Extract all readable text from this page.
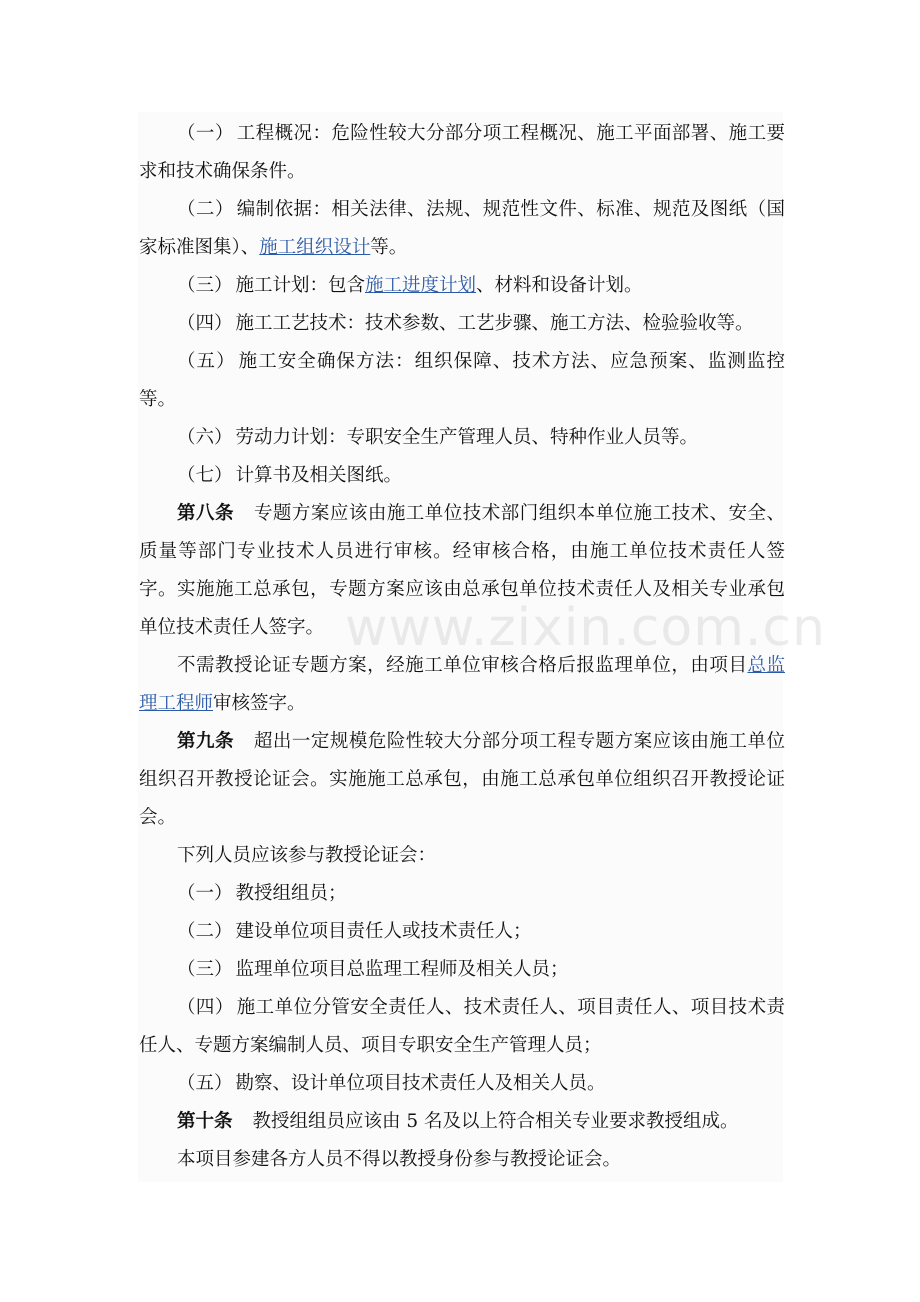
（一） 工程概况：危险性较大分部分项工程概况、施工平面部署、施工要求和技术确保条件。

（二） 编制依据：相关法律、法规、规范性文件、标准、规范及图纸（国家标准图集）、施工组织设计等。

（三） 施工计划：包含施工进度计划、材料和设备计划。

（四） 施工工艺技术：技术参数、工艺步骤、施工方法、检验验收等。

（五） 施工安全确保方法：组织保障、技术方法、应急预案、监测监控等。

（六） 劳动力计划：专职安全生产管理人员、特种作业人员等。

（七） 计算书及相关图纸。

第八条 专题方案应该由施工单位技术部门组织本单位施工技术、安全、质量等部门专业技术人员进行审核。经审核合格，由施工单位技术责任人签字。实施施工总承包，专题方案应该由总承包单位技术责任人及相关专业承包单位技术责任人签字。

不需教授论证专题方案，经施工单位审核合格后报监理单位，由项目总监理工程师审核签字。

第九条 超出一定规模危险性较大分部分项工程专题方案应该由施工单位组织召开教授论证会。实施施工总承包，由施工总承包单位组织召开教授论证会。

下列人员应该参与教授论证会：

（一） 教授组组员；

（二） 建设单位项目责任人或技术责任人；

（三） 监理单位项目总监理工程师及相关人员；

（四） 施工单位分管安全责任人、技术责任人、项目责任人、项目技术责任人、专题方案编制人员、项目专职安全生产管理人员；

（五） 勘察、设计单位项目技术责任人及相关人员。

第十条 教授组组员应该由 5 名及以上符合相关专业要求教授组成。

本项目参建各方人员不得以教授身份参与教授论证会。

www.zixin.com.cn
